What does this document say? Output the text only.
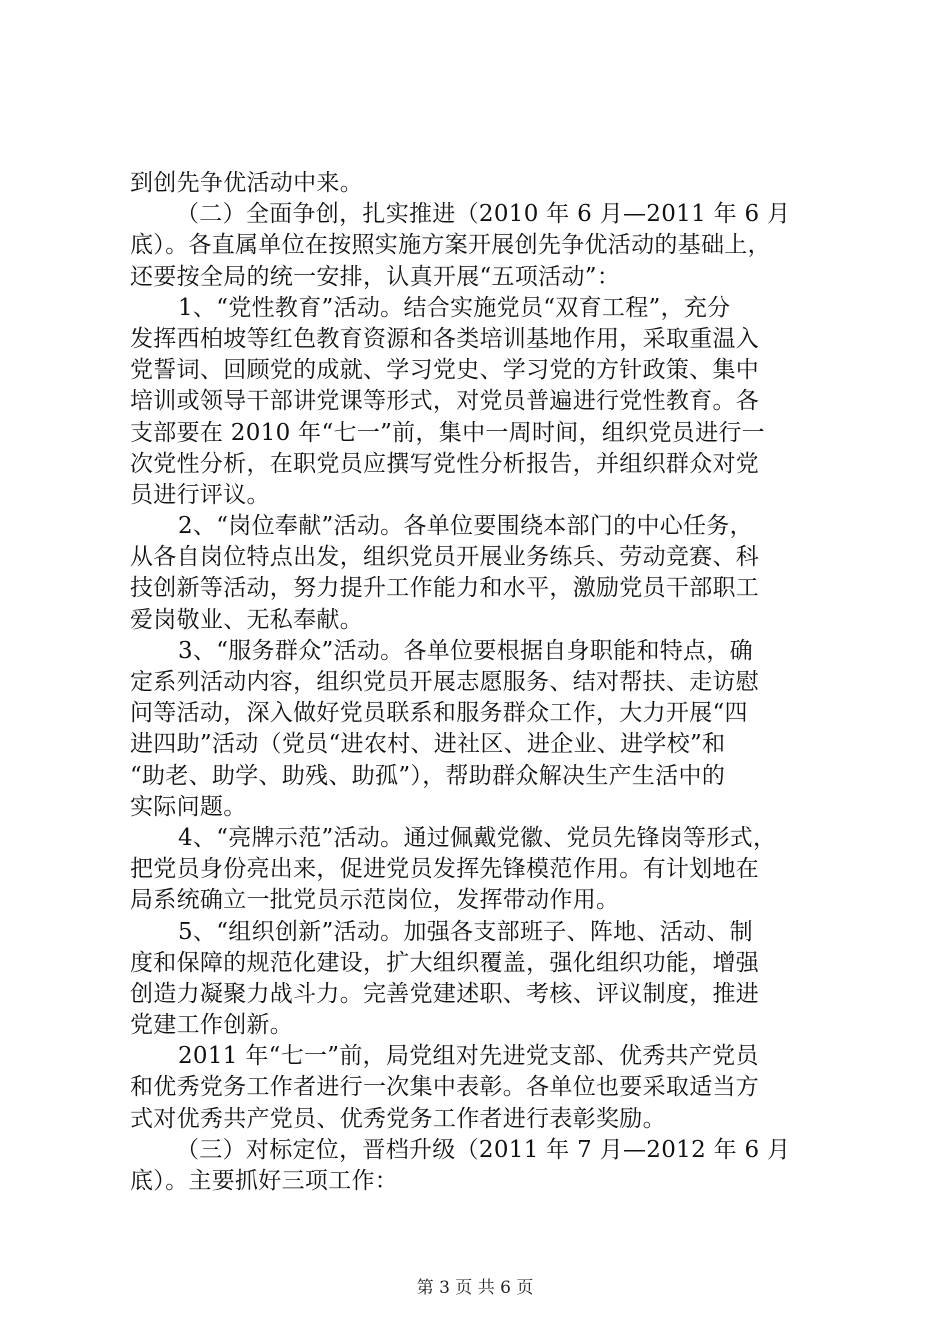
到创先争优活动中来。
（二）全面争创，扎实推进（2010 年 6 月—2011 年 6 月
底）。各直属单位在按照实施方案开展创先争优活动的基础上，
还要按全局的统一安排，认真开展“五项活动”：
1、“党性教育”活动。结合实施党员“双育工程”，充分
发挥西柏坡等红色教育资源和各类培训基地作用，采取重温入
党誓词、回顾党的成就、学习党史、学习党的方针政策、集中
培训或领导干部讲党课等形式，对党员普遍进行党性教育。各
支部要在 2010 年“七一”前，集中一周时间，组织党员进行一
次党性分析，在职党员应撰写党性分析报告，并组织群众对党
员进行评议。
2、“岗位奉献”活动。各单位要围绕本部门的中心任务，
从各自岗位特点出发，组织党员开展业务练兵、劳动竞赛、科
技创新等活动，努力提升工作能力和水平，激励党员干部职工
爱岗敬业、无私奉献。
3、“服务群众”活动。各单位要根据自身职能和特点，确
定系列活动内容，组织党员开展志愿服务、结对帮扶、走访慰
问等活动，深入做好党员联系和服务群众工作，大力开展“四
进四助”活动（党员“进农村、进社区、进企业、进学校”和
“助老、助学、助残、助孤”），帮助群众解决生产生活中的
实际问题。
4、“亮牌示范”活动。通过佩戴党徽、党员先锋岗等形式，
把党员身份亮出来，促进党员发挥先锋模范作用。有计划地在
局系统确立一批党员示范岗位，发挥带动作用。
5、“组织创新”活动。加强各支部班子、阵地、活动、制
度和保障的规范化建设，扩大组织覆盖，强化组织功能，增强
创造力凝聚力战斗力。完善党建述职、考核、评议制度，推进
党建工作创新。
2011 年“七一”前，局党组对先进党支部、优秀共产党员
和优秀党务工作者进行一次集中表彰。各单位也要采取适当方
式对优秀共产党员、优秀党务工作者进行表彰奖励。
（三）对标定位，晋档升级（2011 年 7 月—2012 年 6 月
底）。主要抓好三项工作：
第 3 页 共 6 页
